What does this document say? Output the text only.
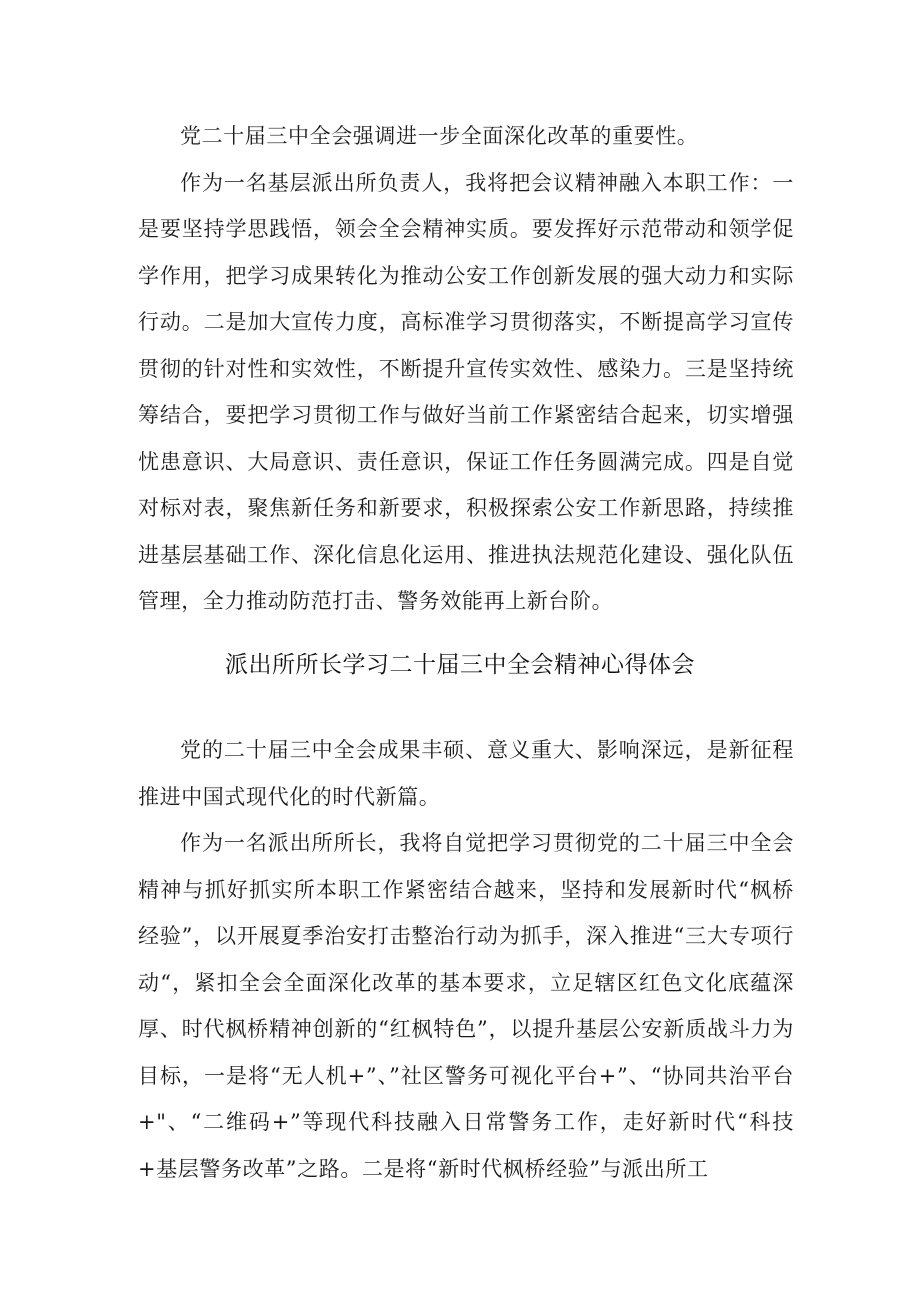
党二十届三中全会强调进一步全面深化改革的重要性。

作为一名基层派出所负责人，我将把会议精神融入本职工作：一是要坚持学思践悟，领会全会精神实质。要发挥好示范带动和领学促学作用，把学习成果转化为推动公安工作创新发展的强大动力和实际行动。二是加大宣传力度，高标准学习贯彻落实，不断提高学习宣传贯彻的针对性和实效性，不断提升宣传实效性、感染力。三是坚持统筹结合，要把学习贯彻工作与做好当前工作紧密结合起来，切实增强忧患意识、大局意识、责任意识，保证工作任务圆满完成。四是自觉对标对表，聚焦新任务和新要求，积极探索公安工作新思路，持续推进基层基础工作、深化信息化运用、推进执法规范化建设、强化队伍管理，全力推动防范打击、警务效能再上新台阶。

派出所所长学习二十届三中全会精神心得体会

党的二十届三中全会成果丰硕、意义重大、影响深远，是新征程推进中国式现代化的时代新篇。

作为一名派出所所长，我将自觉把学习贯彻党的二十届三中全会精神与抓好抓实所本职工作紧密结合越来，坚持和发展新时代“枫桥经验”，以开展夏季治安打击整治行动为抓手，深入推进“三大专项行动“，紧扣全会全面深化改革的基本要求，立足辖区红色文化底蕴深厚、时代枫桥精神创新的“红枫特色”，以提升基层公安新质战斗力为目标，一是将“无人机+”、”社区警务可视化平台+”、“协同共治平台+"、“二维码+”等现代科技融入日常警务工作，走好新时代“科技+基层警务改革”之路。二是将“新时代枫桥经验”与派出所工
